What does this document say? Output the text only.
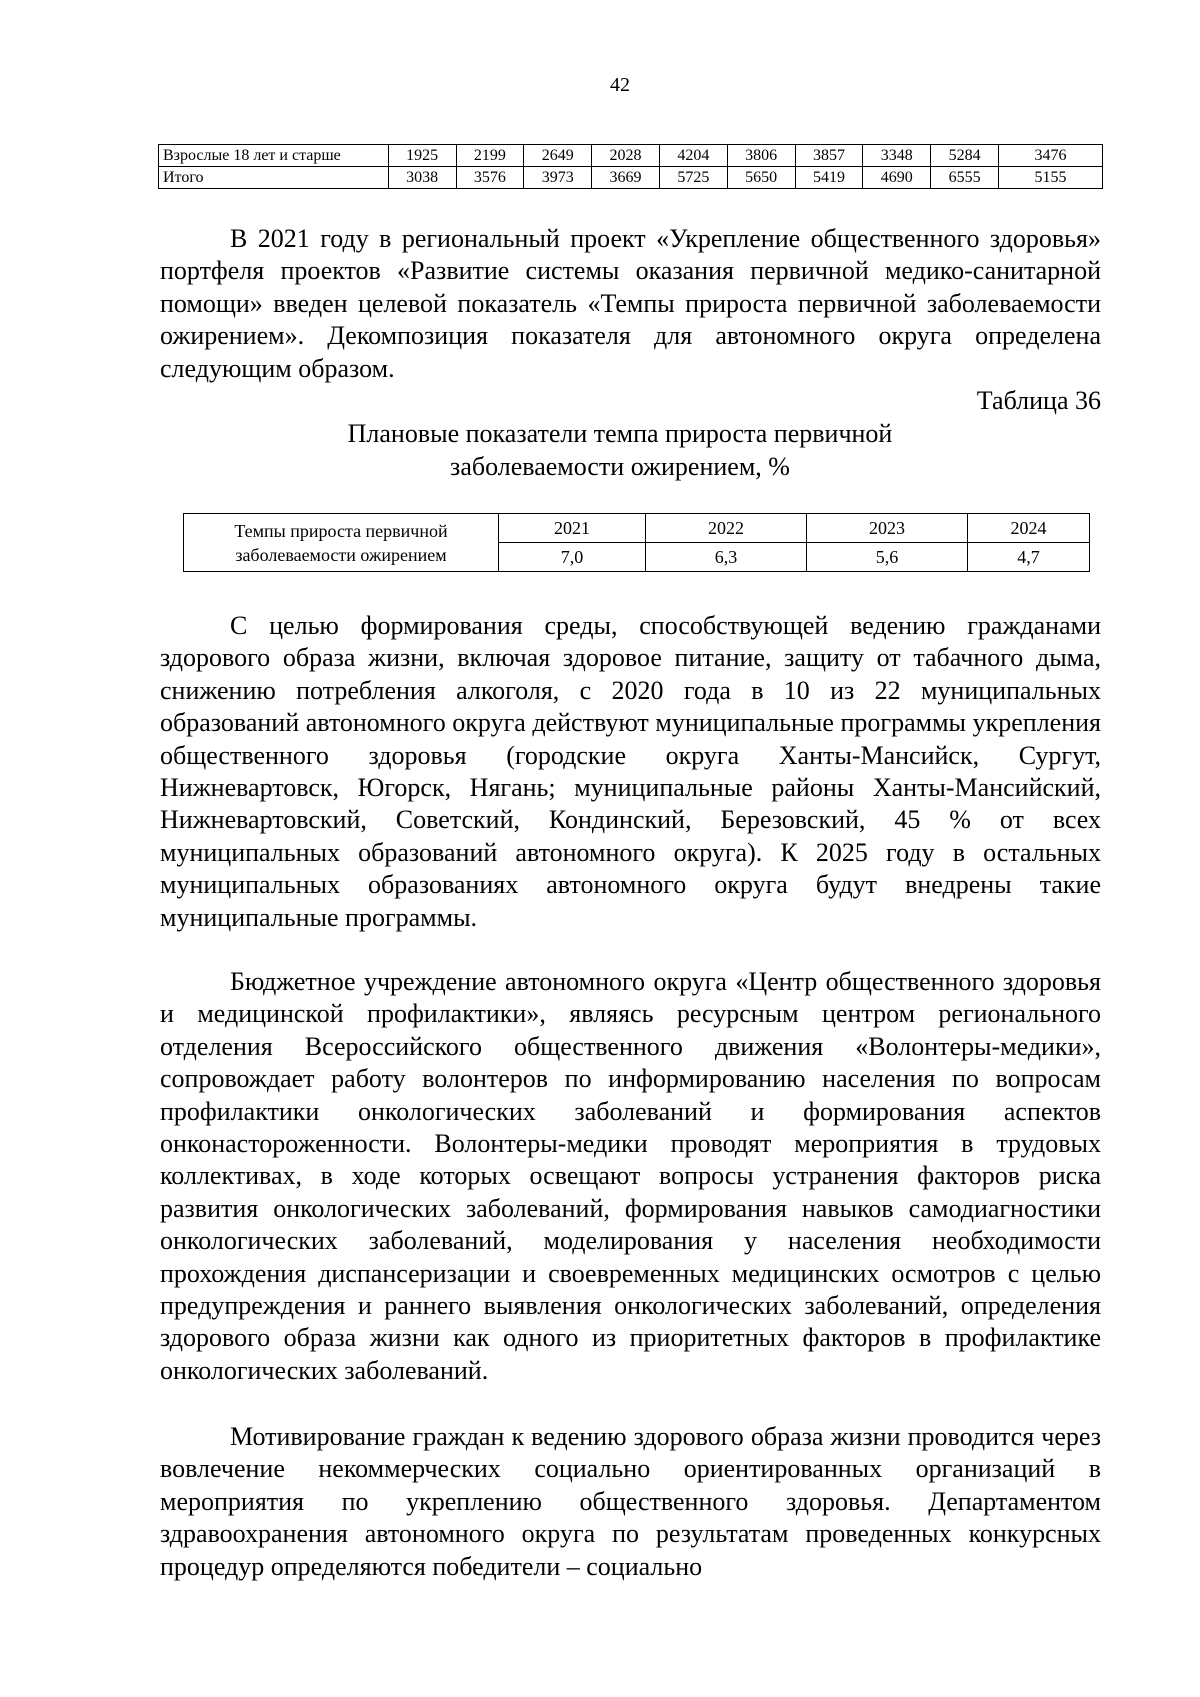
42
Взрослые 18 лет и старше	1925	2199	2649	2028	4204	3806	3857	3348	5284	3476
Итого	3038	3576	3973	3669	5725	5650	5419	4690	6555	5155

В 2021 году в региональный проект «Укрепление общественного здоровья» портфеля проектов «Развитие системы оказания первичной медико-санитарной помощи» введен целевой показатель «Темпы прироста первичной заболеваемости ожирением». Декомпозиция показателя для автономного округа определена следующим образом.

Таблица 36
Плановые показатели темпа прироста первичной
заболеваемости ожирением, %
Темпы прироста первичной заболеваемости ожирением	2021	2022	2023	2024
	7,0	6,3	5,6	4,7

С целью формирования среды, способствующей ведению гражданами здорового образа жизни, включая здоровое питание, защиту от табачного дыма, снижению потребления алкоголя, с 2020 года в 10 из 22 муниципальных образований автономного округа действуют муниципальные программы укрепления общественного здоровья (городские округа Ханты-Мансийск, Сургут, Нижневартовск, Югорск, Нягань; муниципальные районы Ханты-Мансийский, Нижневартовский, Советский, Кондинский, Березовский, 45 % от всех муниципальных образований автономного округа). К 2025 году в остальных муниципальных образованиях автономного округа будут внедрены такие муниципальные программы.

Бюджетное учреждение автономного округа «Центр общественного здоровья и медицинской профилактики», являясь ресурсным центром регионального отделения Всероссийского общественного движения «Волонтеры-медики», сопровождает работу волонтеров по информированию населения по вопросам профилактики онкологических заболеваний и формирования аспектов онконастороженности. Волонтеры-медики проводят мероприятия в трудовых коллективах, в ходе которых освещают вопросы устранения факторов риска развития онкологических заболеваний, формирования навыков самодиагностики онкологических заболеваний, моделирования у населения необходимости прохождения диспансеризации и своевременных медицинских осмотров с целью предупреждения и раннего выявления онкологических заболеваний, определения здорового образа жизни как одного из приоритетных факторов в профилактике онкологических заболеваний.

Мотивирование граждан к ведению здорового образа жизни проводится через вовлечение некоммерческих социально ориентированных организаций в мероприятия по укреплению общественного здоровья. Департаментом здравоохранения автономного округа по результатам проведенных конкурсных процедур определяются победители – социально
